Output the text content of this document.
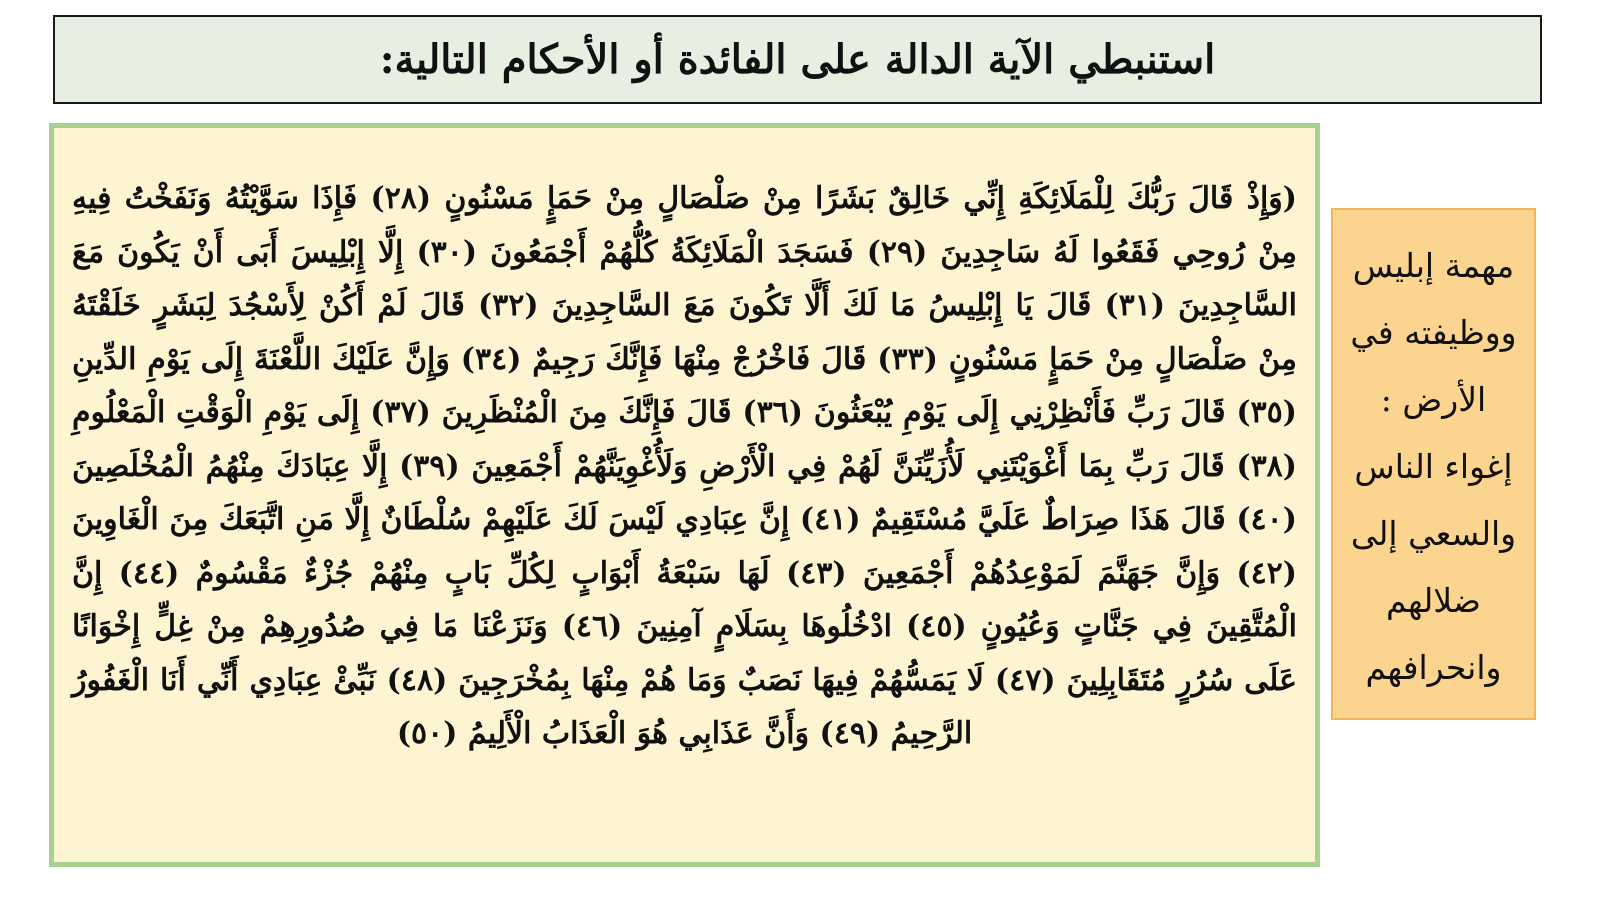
استنبطي الآية الدالة على الفائدة أو الأحكام التالية:

(وَإِذْ قَالَ رَبُّكَ لِلْمَلَائِكَةِ إِنِّي خَالِقٌ بَشَرًا مِنْ صَلْصَالٍ مِنْ حَمَإٍ مَسْنُونٍ (٢٨) فَإِذَا سَوَّيْتُهُ وَنَفَخْتُ فِيهِ مِنْ رُوحِي فَقَعُوا لَهُ سَاجِدِينَ (٢٩) فَسَجَدَ الْمَلَائِكَةُ كُلُّهُمْ أَجْمَعُونَ (٣٠) إِلَّا إِبْلِيسَ أَبَى أَنْ يَكُونَ مَعَ السَّاجِدِينَ (٣١) قَالَ يَا إِبْلِيسُ مَا لَكَ أَلَّا تَكُونَ مَعَ السَّاجِدِينَ (٣٢) قَالَ لَمْ أَكُنْ لِأَسْجُدَ لِبَشَرٍ خَلَقْتَهُ مِنْ صَلْصَالٍ مِنْ حَمَإٍ مَسْنُونٍ (٣٣) قَالَ فَاخْرُجْ مِنْهَا فَإِنَّكَ رَجِيمٌ (٣٤) وَإِنَّ عَلَيْكَ اللَّعْنَةَ إِلَى يَوْمِ الدِّينِ (٣٥) قَالَ رَبِّ فَأَنْظِرْنِي إِلَى يَوْمِ يُبْعَثُونَ (٣٦) قَالَ فَإِنَّكَ مِنَ الْمُنْظَرِينَ (٣٧) إِلَى يَوْمِ الْوَقْتِ الْمَعْلُومِ (٣٨) قَالَ رَبِّ بِمَا أَغْوَيْتَنِي لَأُزَيِّنَنَّ لَهُمْ فِي الْأَرْضِ وَلَأُغْوِيَنَّهُمْ أَجْمَعِينَ (٣٩) إِلَّا عِبَادَكَ مِنْهُمُ الْمُخْلَصِينَ (٤٠) قَالَ هَذَا صِرَاطٌ عَلَيَّ مُسْتَقِيمٌ (٤١) إِنَّ عِبَادِي لَيْسَ لَكَ عَلَيْهِمْ سُلْطَانٌ إِلَّا مَنِ اتَّبَعَكَ مِنَ الْغَاوِينَ (٤٢) وَإِنَّ جَهَنَّمَ لَمَوْعِدُهُمْ أَجْمَعِينَ (٤٣) لَهَا سَبْعَةُ أَبْوَابٍ لِكُلِّ بَابٍ مِنْهُمْ جُزْءٌ مَقْسُومٌ (٤٤) إِنَّ الْمُتَّقِينَ فِي جَنَّاتٍ وَعُيُونٍ (٤٥) ادْخُلُوهَا بِسَلَامٍ آمِنِينَ (٤٦) وَنَزَعْنَا مَا فِي صُدُورِهِمْ مِنْ غِلٍّ إِخْوَانًا عَلَى سُرُرٍ مُتَقَابِلِينَ (٤٧) لَا يَمَسُّهُمْ فِيهَا نَصَبٌ وَمَا هُمْ مِنْهَا بِمُخْرَجِينَ (٤٨) نَبِّئْ عِبَادِي أَنِّي أَنَا الْغَفُورُ الرَّحِيمُ (٤٩) وَأَنَّ عَذَابِي هُوَ الْعَذَابُ الْأَلِيمُ (٥٠)

مهمة إبليس ووظيفته في الأرض : إغواء الناس والسعي إلى ضلالهم وانحرافهم
